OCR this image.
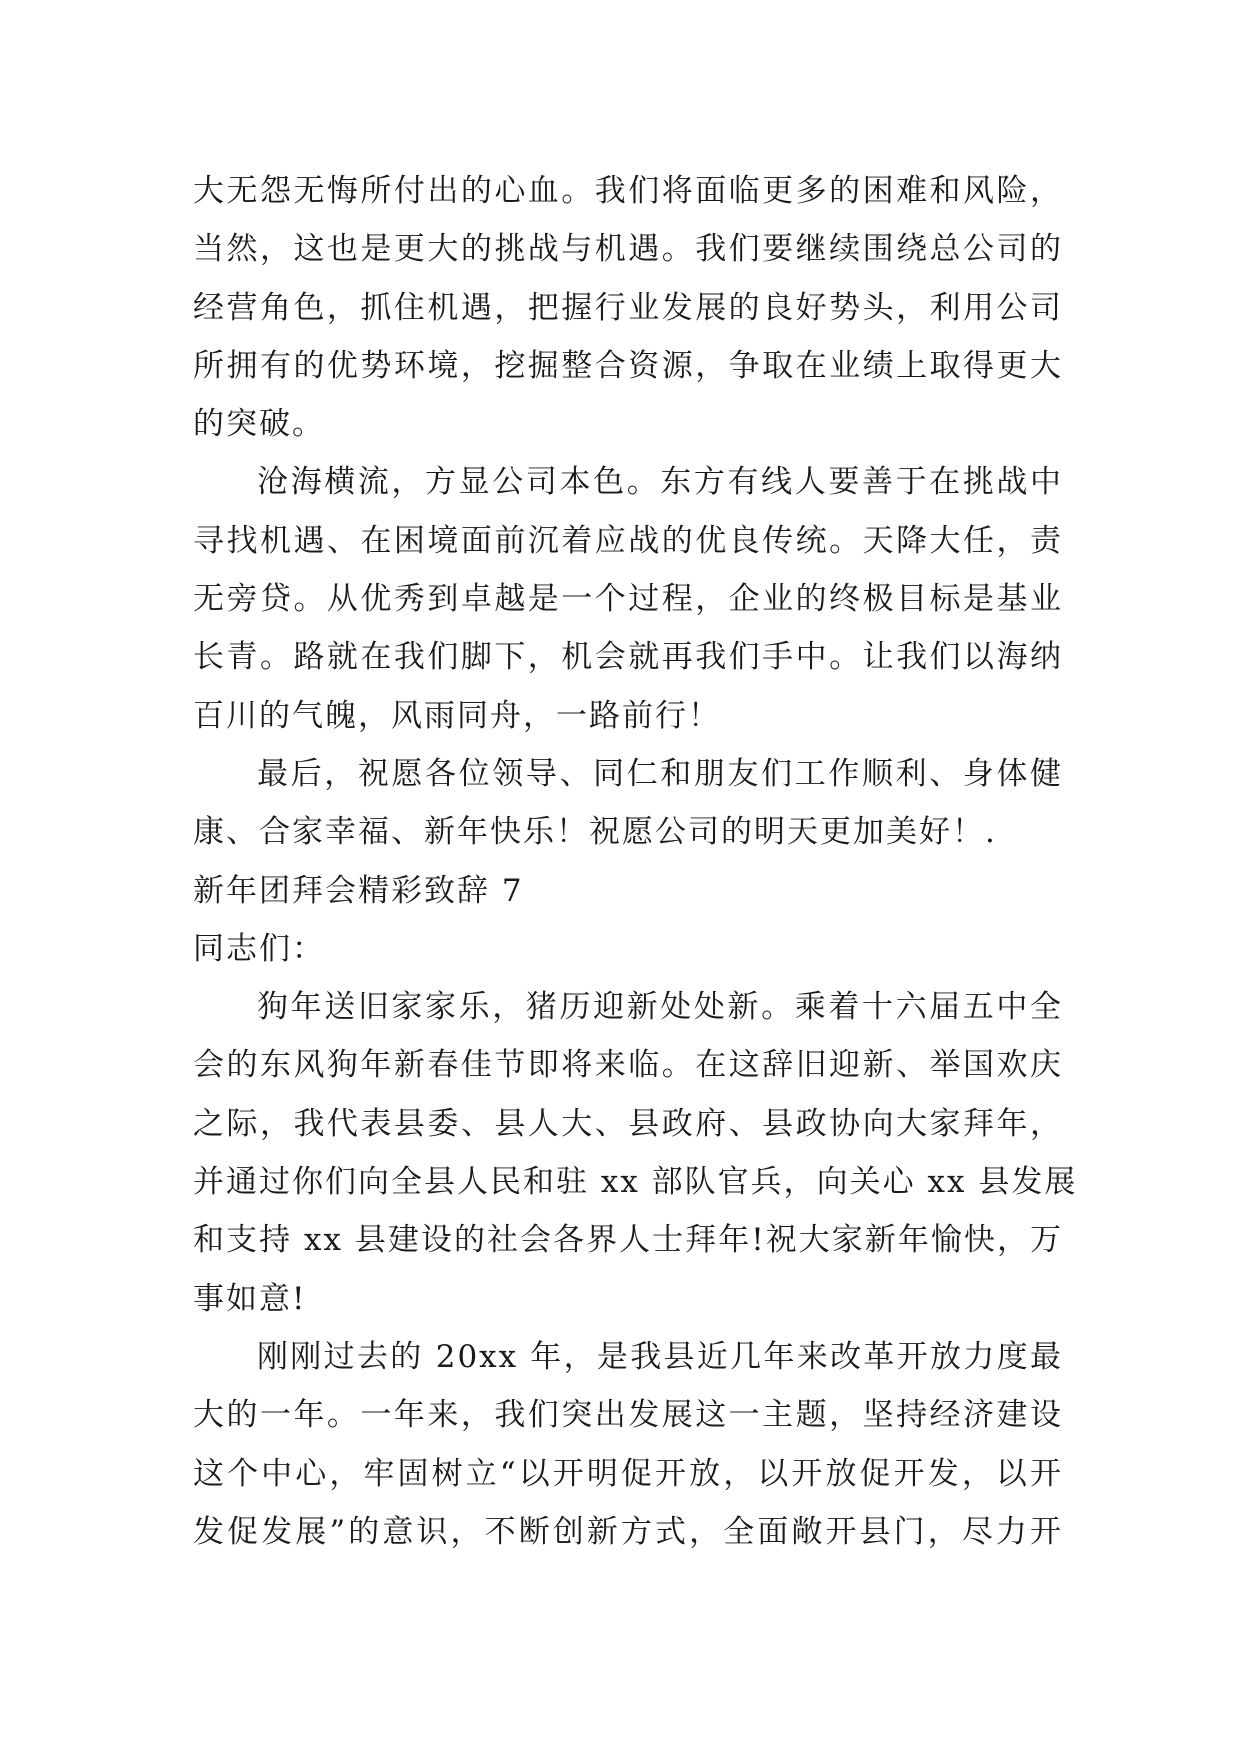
大无怨无悔所付出的心血。我们将面临更多的困难和风险，
当然，这也是更大的挑战与机遇。我们要继续围绕总公司的
经营角色，抓住机遇，把握行业发展的良好势头，利用公司
所拥有的优势环境，挖掘整合资源，争取在业绩上取得更大
的突破。
沧海横流，方显公司本色。东方有线人要善于在挑战中
寻找机遇、在困境面前沉着应战的优良传统。天降大任，责
无旁贷。从优秀到卓越是一个过程，企业的终极目标是基业
长青。路就在我们脚下，机会就再我们手中。让我们以海纳
百川的气魄，风雨同舟，一路前行！
最后，祝愿各位领导、同仁和朋友们工作顺利、身体健
康、合家幸福、新年快乐！祝愿公司的明天更加美好！.
新年团拜会精彩致辞 7
同志们：
狗年送旧家家乐，猪历迎新处处新。乘着十六届五中全
会的东风狗年新春佳节即将来临。在这辞旧迎新、举国欢庆
之际，我代表县委、县人大、县政府、县政协向大家拜年，
并通过你们向全县人民和驻 xx 部队官兵，向关心 xx 县发展
和支持 xx 县建设的社会各界人士拜年!祝大家新年愉快，万
事如意!
刚刚过去的 20xx 年，是我县近几年来改革开放力度最
大的一年。一年来，我们突出发展这一主题，坚持经济建设
这个中心，牢固树立“以开明促开放，以开放促开发，以开
发促发展”的意识，不断创新方式，全面敞开县门，尽力开
